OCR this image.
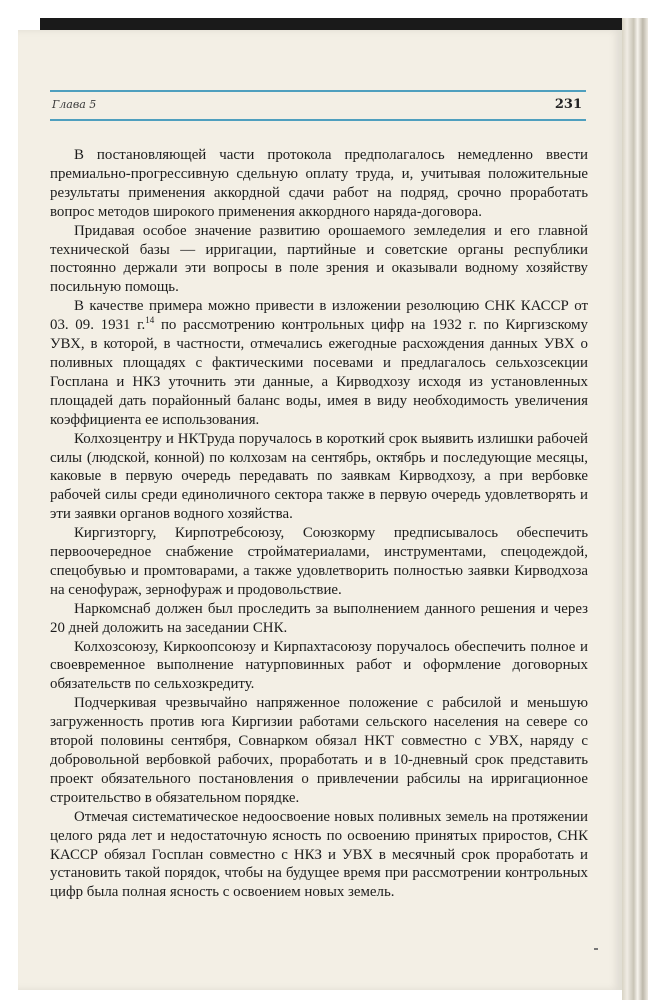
Глава 5	231

В постановляющей части протокола предполагалось немедленно ввести премиально-прогрессивную сдельную оплату труда, и, учитывая положительные результаты применения аккордной сдачи работ на подряд, срочно проработать вопрос методов широкого применения аккордного наряда-договора.

Придавая особое значение развитию орошаемого земледелия и его главной технической базы — ирригации, партийные и советские органы республики постоянно держали эти вопросы в поле зрения и оказывали водному хозяйству посильную помощь.

В качестве примера можно привести в изложении резолюцию СНК КАССР от 03. 09. 1931 г.$^{14}$ по рассмотрению контрольных цифр на 1932 г. по Киргизскому УВХ, в которой, в частности, отмечались ежегодные расхождения данных УВХ о поливных площадях с фактическими посевами и предлагалось сельхозсекции Госплана и НКЗ уточнить эти данные, а Кирводхозу исходя из установленных площадей дать порайонный баланс воды, имея в виду необходимость увеличения коэффициента ее использования.

Колхозцентру и НКТруда поручалось в короткий срок выявить излишки рабочей силы (людской, конной) по колхозам на сентябрь, октябрь и последующие месяцы, каковые в первую очередь передавать по заявкам Кирводхозу, а при вербовке рабочей силы среди единоличного сектора также в первую очередь удовлетворять и эти заявки органов водного хозяйства.

Киргизторгу, Кирпотребсоюзу, Союзкорму предписывалось обеспечить первоочередное снабжение стройматериалами, инструментами, спецодеждой, спецобувью и промтоварами, а также удовлетворить полностью заявки Кирводхоза на сенофураж, зернофураж и продовольствие.

Наркомснаб должен был проследить за выполнением данного решения и через 20 дней доложить на заседании СНК.

Колхозсоюзу, Киркоопсоюзу и Кирпахтасоюзу поручалось обеспечить полное и своевременное выполнение натурповинных работ и оформление договорных обязательств по сельхозкредиту.

Подчеркивая чрезвычайно напряженное положение с рабсилой и меньшую загруженность против юга Киргизии работами сельского населения на севере со второй половины сентября, Совнарком обязал НКТ совместно с УВХ, наряду с добровольной вербовкой рабочих, проработать и в 10-дневный срок представить проект обязательного постановления о привлечении рабсилы на ирригационное строительство в обязательном порядке.

Отмечая систематическое недоосвоение новых поливных земель на протяжении целого ряда лет и недостаточную ясность по освоению принятых приростов, СНК КАССР обязал Госплан совместно с НКЗ и УВХ в месячный срок проработать и установить такой порядок, чтобы на будущее время при рассмотрении контрольных цифр была полная ясность с освоением новых земель.
